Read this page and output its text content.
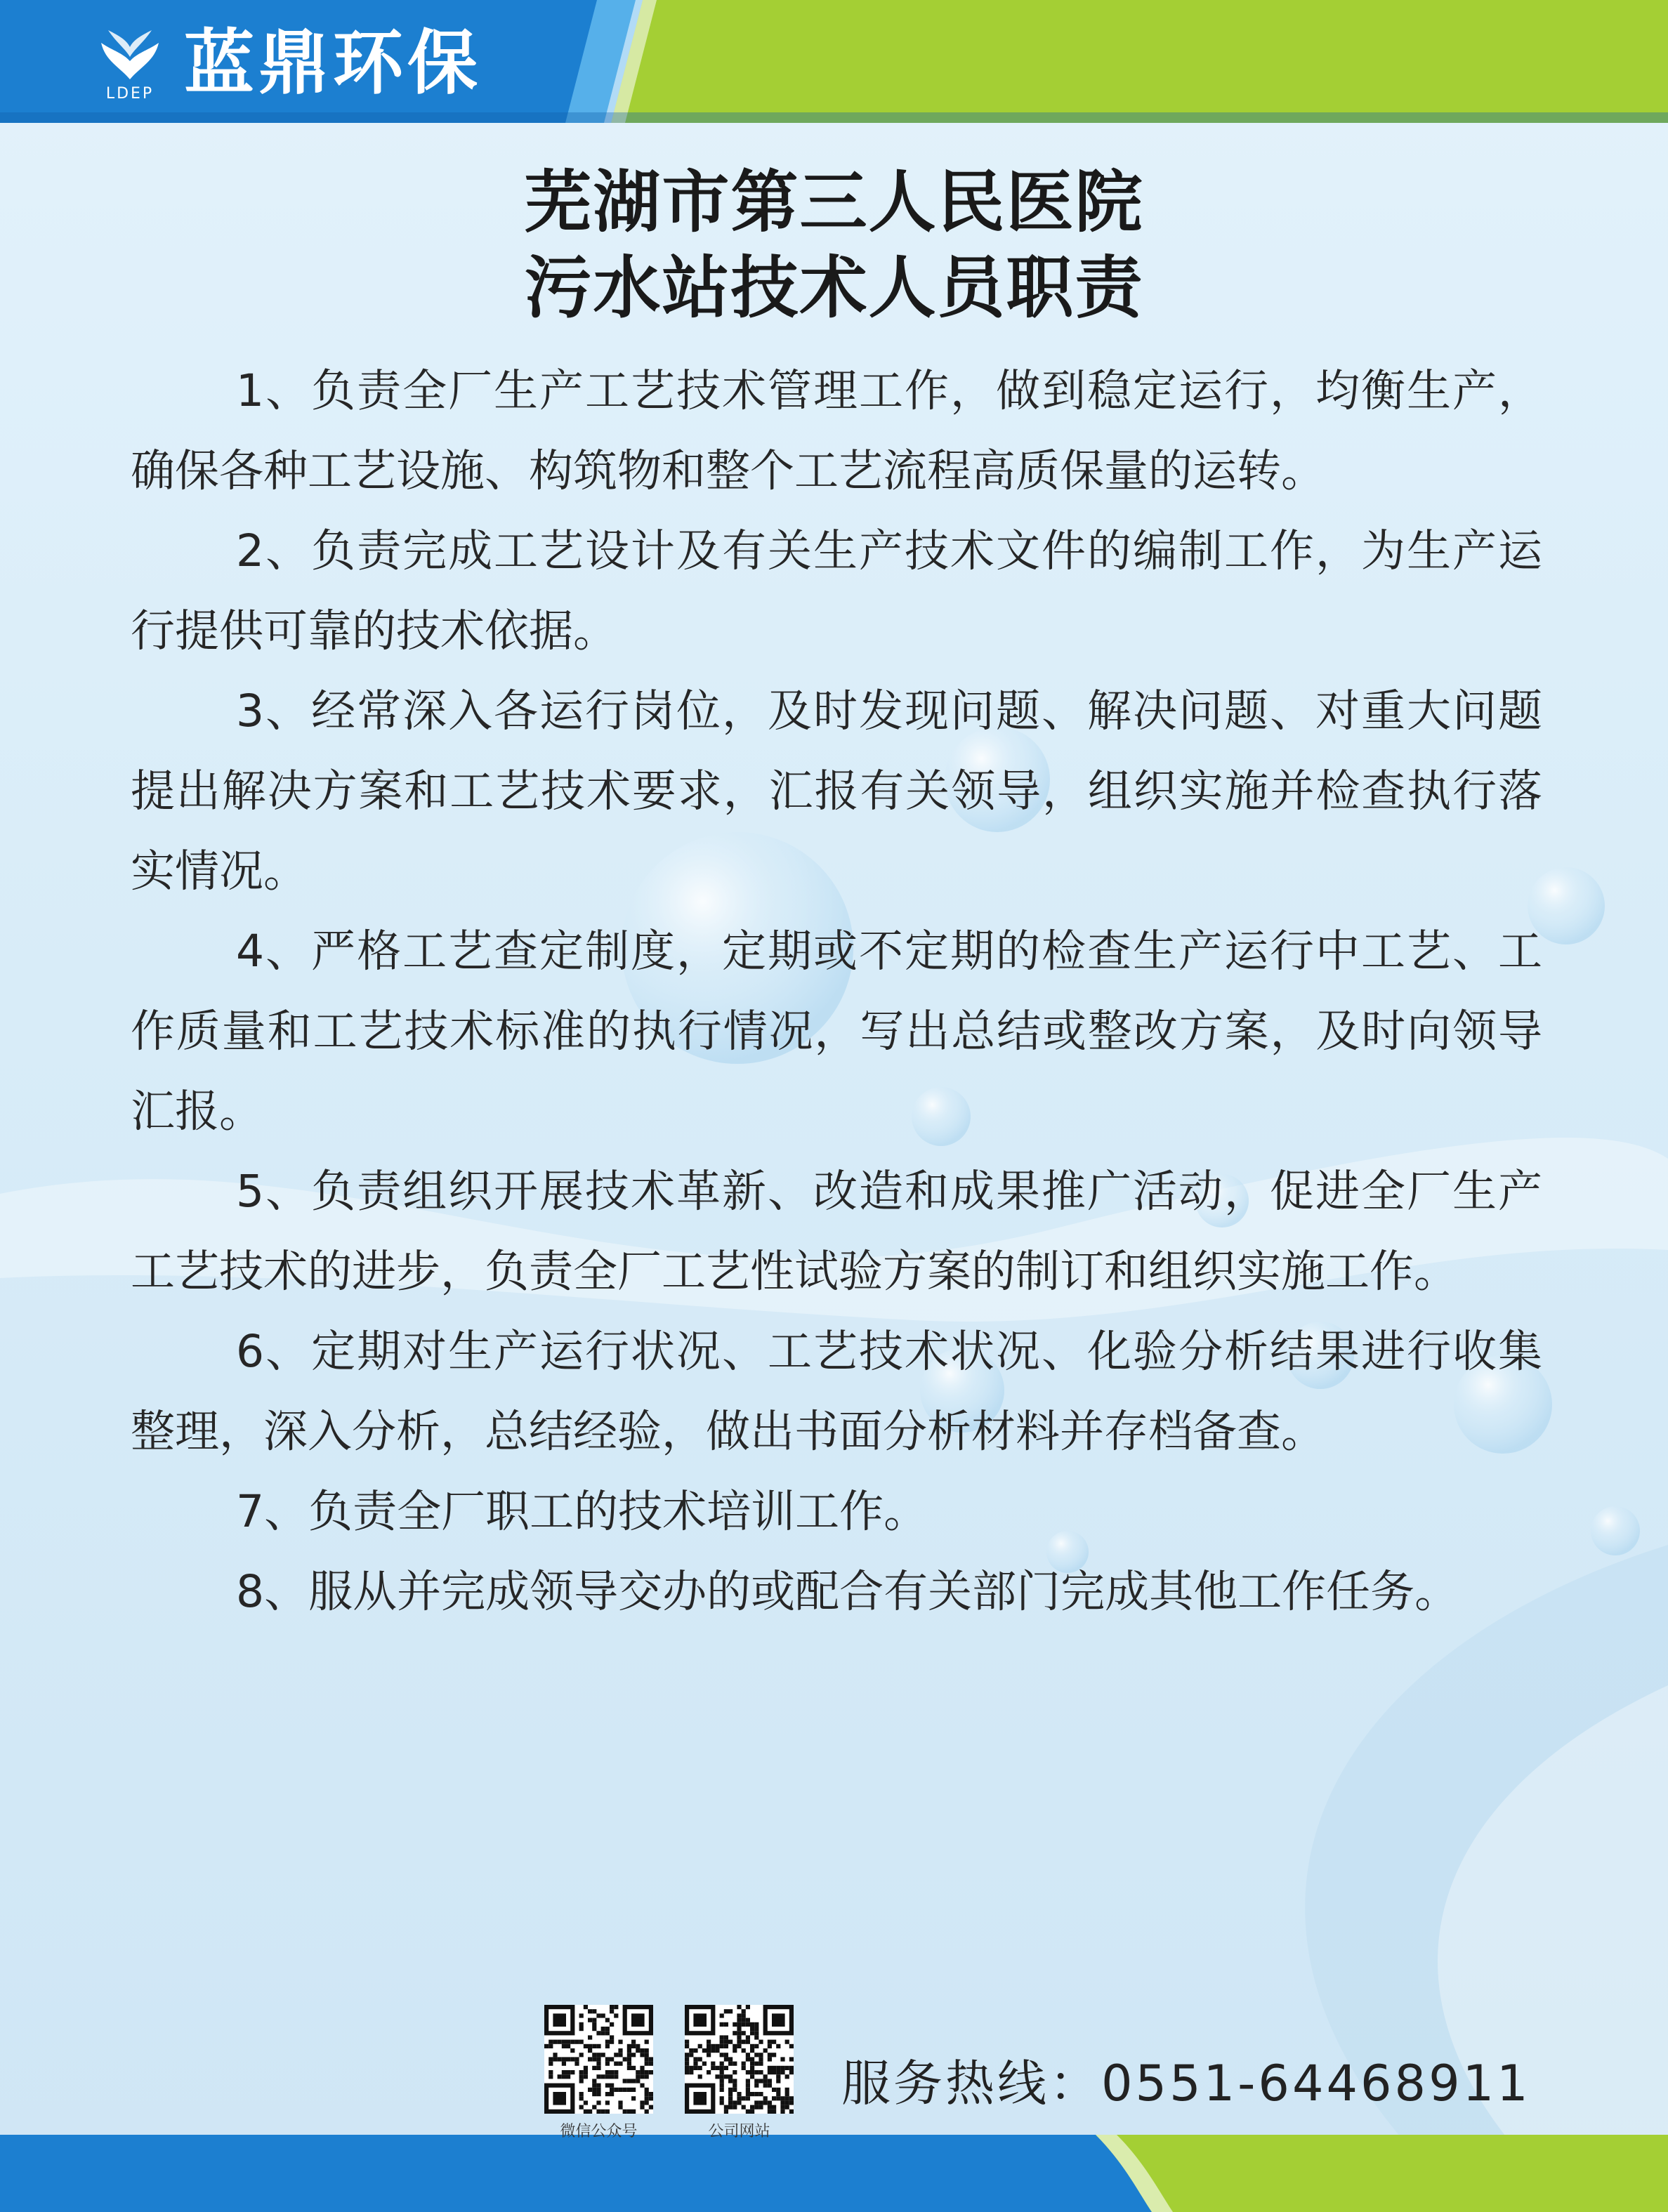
LDEP 蓝鼎环保
芜湖市第三人民医院
污水站技术人员职责

1、负责全厂生产工艺技术管理工作，做到稳定运行，均衡生产，确保各种工艺设施、构筑物和整个工艺流程高质保量的运转。

2、负责完成工艺设计及有关生产技术文件的编制工作，为生产运行提供可靠的技术依据。

3、经常深入各运行岗位，及时发现问题、解决问题、对重大问题提出解决方案和工艺技术要求，汇报有关领导，组织实施并检查执行落实情况。

4、严格工艺查定制度，定期或不定期的检查生产运行中工艺、工作质量和工艺技术标准的执行情况，写出总结或整改方案，及时向领导汇报。

5、负责组织开展技术革新、改造和成果推广活动，促进全厂生产工艺技术的进步，负责全厂工艺性试验方案的制订和组织实施工作。

6、定期对生产运行状况、工艺技术状况、化验分析结果进行收集整理，深入分析，总结经验，做出书面分析材料并存档备查。

7、负责全厂职工的技术培训工作。

8、服从并完成领导交办的或配合有关部门完成其他工作任务。

微信公众号	公司网站
服务热线：0551-64468911
